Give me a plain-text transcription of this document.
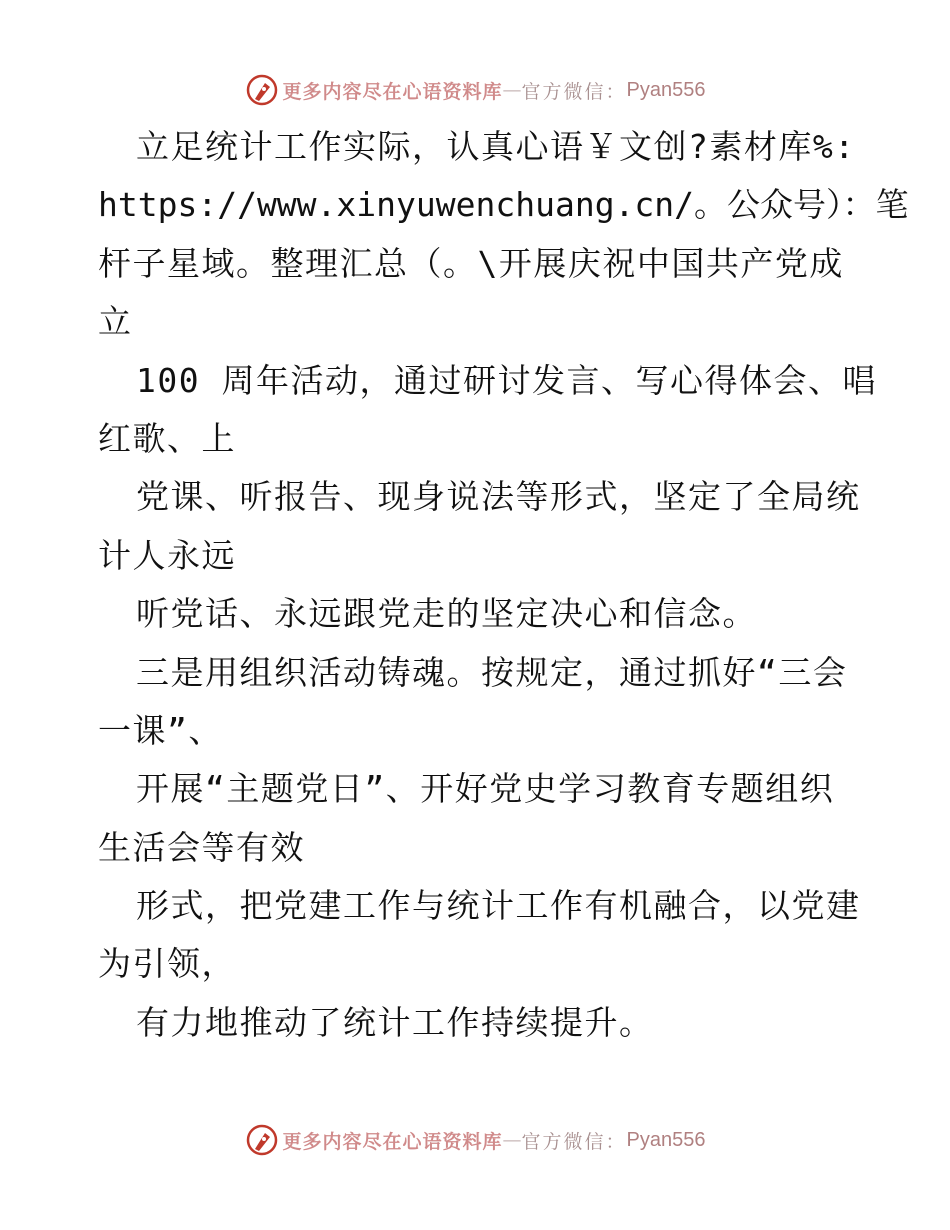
更多内容尽在心语资料库 — 官方微信： Pyan556
立足统计工作实际，认真心语￥文创?素材库%:
https://www.xinyuwenchuang.cn/。公众号）：笔
杆子星域。整理汇总（。\开展庆祝中国共产党成
立
100 周年活动，通过研讨发言、写心得体会、唱
红歌、上
党课、听报告、现身说法等形式，坚定了全局统
计人永远
听党话、永远跟党走的坚定决心和信念。
三是用组织活动铸魂。按规定，通过抓好“三会
一课”、
开展“主题党日”、开好党史学习教育专题组织
生活会等有效
形式，把党建工作与统计工作有机融合，以党建
为引领，
有力地推动了统计工作持续提升。
更多内容尽在心语资料库 — 官方微信： Pyan556
